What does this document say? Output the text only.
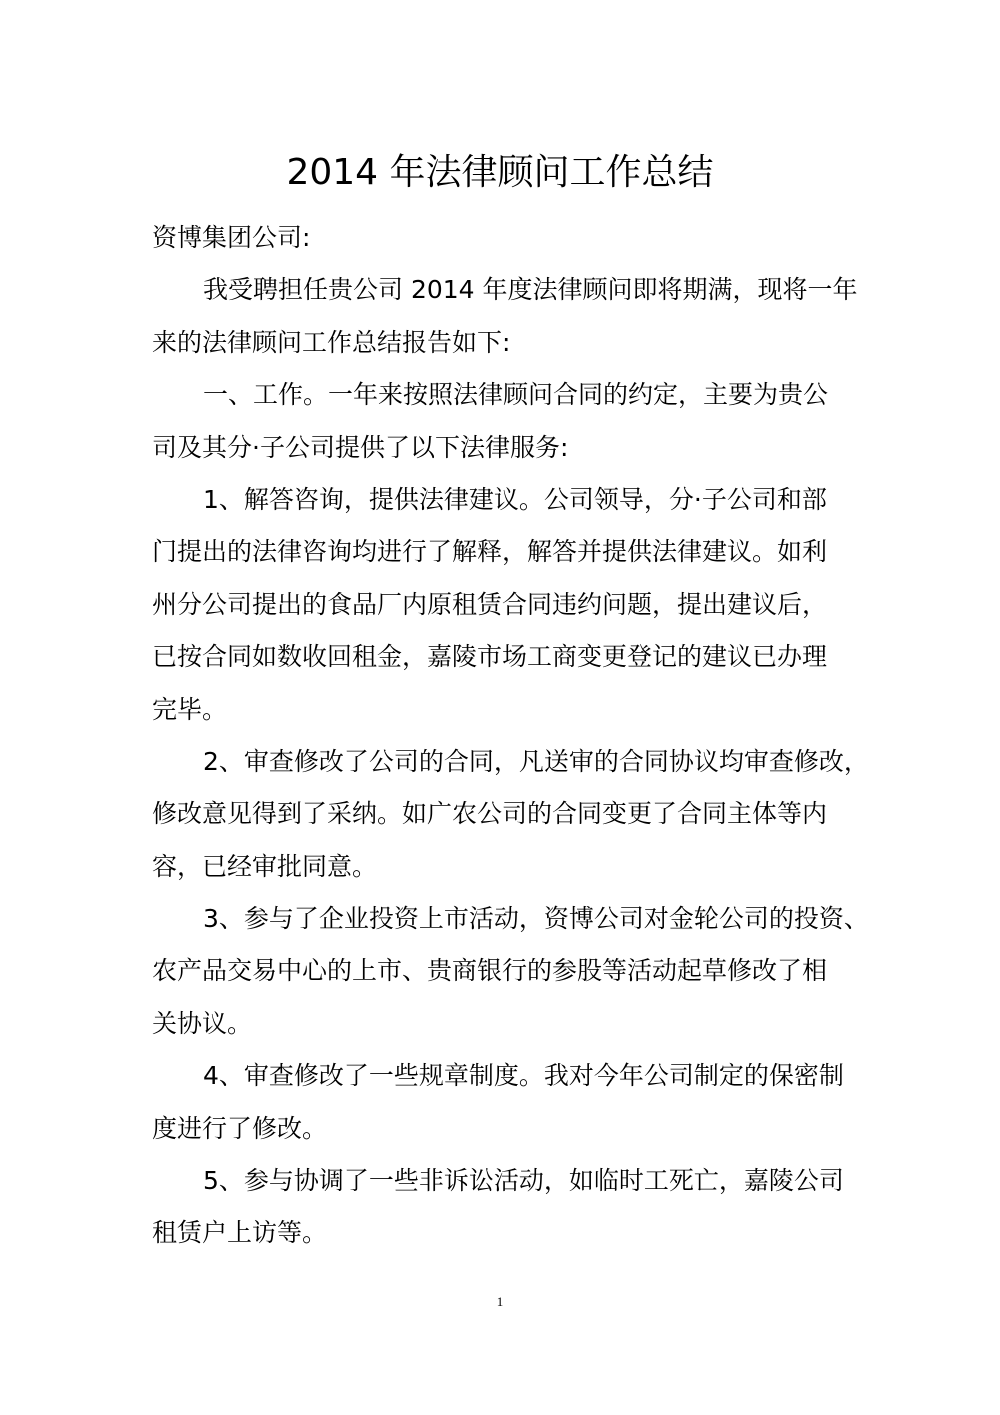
2014 年法律顾问工作总结
资博集团公司:
我受聘担任贵公司 2014 年度法律顾问即将期满，现将一年
来的法律顾问工作总结报告如下:
一、工作。一年来按照法律顾问合同的约定，主要为贵公
司及其分·子公司提供了以下法律服务:
1、解答咨询，提供法律建议。公司领导，分·子公司和部
门提出的法律咨询均进行了解释，解答并提供法律建议。如利
州分公司提出的食品厂内原租赁合同违约问题，提出建议后，
已按合同如数收回租金，嘉陵市场工商变更登记的建议已办理
完毕。
2、审查修改了公司的合同，凡送审的合同协议均审查修改，
修改意见得到了采纳。如广农公司的合同变更了合同主体等内
容，已经审批同意。
3、参与了企业投资上市活动，资博公司对金轮公司的投资、
农产品交易中心的上市、贵商银行的参股等活动起草修改了相
关协议。
4、审查修改了一些规章制度。我对今年公司制定的保密制
度进行了修改。
5、参与协调了一些非诉讼活动，如临时工死亡，嘉陵公司
租赁户上访等。
1
